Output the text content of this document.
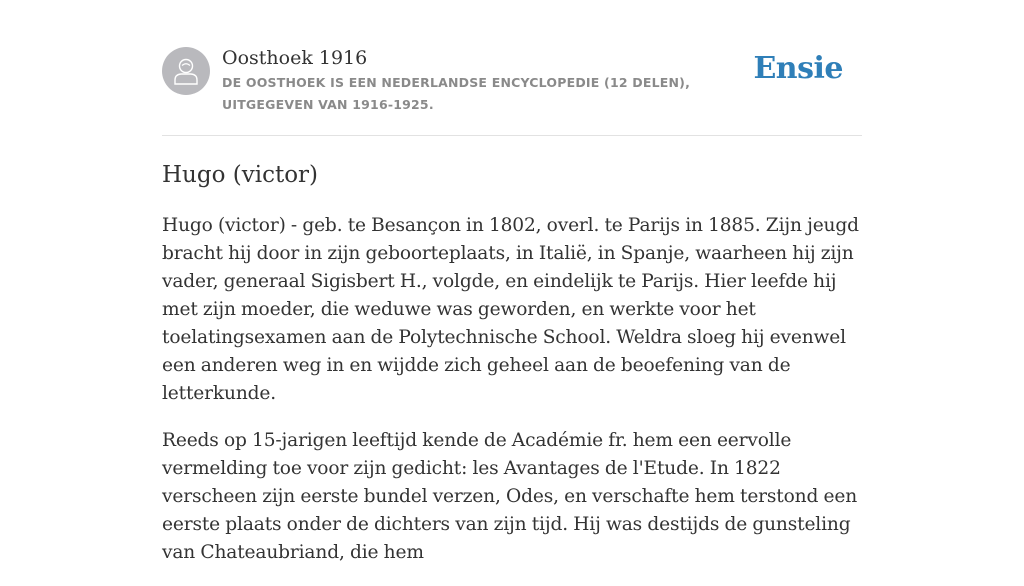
Oosthoek 1916
DE OOSTHOEK IS EEN NEDERLANDSE ENCYCLOPEDIE (12 DELEN), UITGEGEVEN VAN 1916-1925.
Ensie
Hugo (victor)

Hugo (victor) - geb. te Besançon in 1802, overl. te Parijs in 1885. Zijn jeugd bracht hij door in zijn geboorteplaats, in Italië, in Spanje, waarheen hij zijn vader, generaal Sigisbert H., volgde, en eindelijk te Parijs. Hier leefde hij met zijn moeder, die weduwe was geworden, en werkte voor het toelatingsexamen aan de Polytechnische School. Weldra sloeg hij evenwel een anderen weg in en wijdde zich geheel aan de beoefening van de letterkunde.

Reeds op 15-jarigen leeftijd kende de Académie fr. hem een eervolle vermelding toe voor zijn gedicht: les Avantages de l'Etude. In 1822 verscheen zijn eerste bundel verzen, Odes, en verschafte hem terstond een eerste plaats onder de dichters van zijn tijd. Hij was destijds de gunsteling van Chateaubriand, die hem
